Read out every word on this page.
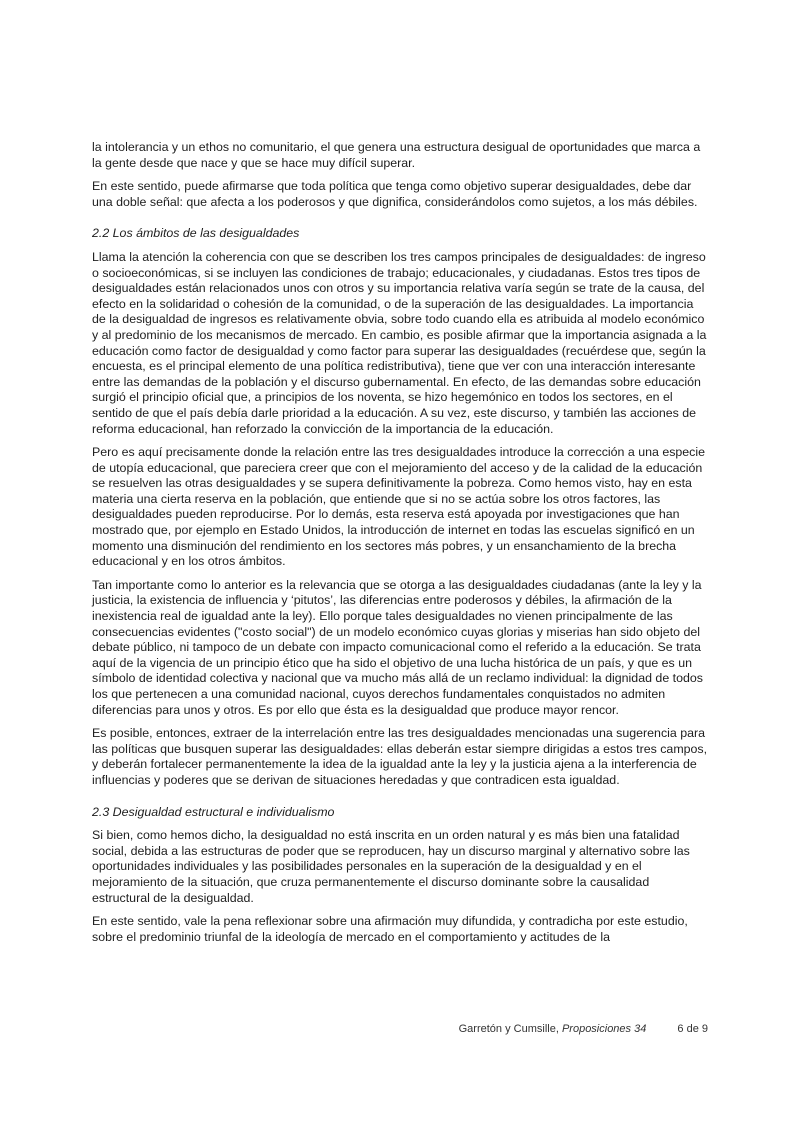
la intolerancia y un ethos no comunitario, el que genera una estructura desigual de oportunidades que marca a la gente desde que nace y que se hace muy difícil superar.

En este sentido, puede afirmarse que toda política que tenga como objetivo superar desigualdades, debe dar una doble señal: que afecta a los poderosos y que dignifica, considerándolos como sujetos, a los más débiles.

2.2 Los ámbitos de las desigualdades

Llama la atención la coherencia con que se describen los tres campos principales de desigualdades: de ingreso o socioeconómicas, si se incluyen las condiciones de trabajo; educacionales, y ciudadanas. Estos tres tipos de desigualdades están relacionados unos con otros y su importancia relativa varía según se trate de la causa, del efecto en la solidaridad o cohesión de la comunidad, o de la superación de las desigualdades. La importancia de la desigualdad de ingresos es relativamente obvia, sobre todo cuando ella es atribuida al modelo económico y al predominio de los mecanismos de mercado. En cambio, es posible afirmar que la importancia asignada a la educación como factor de desigualdad y como factor para superar las desigualdades (recuérdese que, según la encuesta, es el principal elemento de una política redistributiva), tiene que ver con una interacción interesante entre las demandas de la población y el discurso gubernamental. En efecto, de las demandas sobre educación surgió el principio oficial que, a principios de los noventa, se hizo hegemónico en todos los sectores, en el sentido de que el país debía darle prioridad a la educación. A su vez, este discurso, y también las acciones de reforma educacional, han reforzado la convicción de la importancia de la educación.

Pero es aquí precisamente donde la relación entre las tres desigualdades introduce la corrección a una especie de utopía educacional, que pareciera creer que con el mejoramiento del acceso y de la calidad de la educación se resuelven las otras desigualdades y se supera definitivamente la pobreza. Como hemos visto, hay en esta materia una cierta reserva en la población, que entiende que si no se actúa sobre los otros factores, las desigualdades pueden reproducirse. Por lo demás, esta reserva está apoyada por investigaciones que han mostrado que, por ejemplo en Estado Unidos, la introducción de internet en todas las escuelas significó en un momento una disminución del rendimiento en los sectores más pobres, y un ensanchamiento de la brecha educacional y en los otros ámbitos.

Tan importante como lo anterior es la relevancia que se otorga a las desigualdades ciudadanas (ante la ley y la justicia, la existencia de influencia y ‘pitutos’, las diferencias entre poderosos y débiles, la afirmación de la inexistencia real de igualdad ante la ley). Ello porque tales desigualdades no vienen principalmente de las consecuencias evidentes ("costo social") de un modelo económico cuyas glorias y miserias han sido objeto del debate público, ni tampoco de un debate con impacto comunicacional como el referido a la educación. Se trata aquí de la vigencia de un principio ético que ha sido el objetivo de una lucha histórica de un país, y que es un símbolo de identidad colectiva y nacional que va mucho más allá de un reclamo individual: la dignidad de todos los que pertenecen a una comunidad nacional, cuyos derechos fundamentales conquistados no admiten diferencias para unos y otros. Es por ello que ésta es la desigualdad que produce mayor rencor.

Es posible, entonces, extraer de la interrelación entre las tres desigualdades mencionadas una sugerencia para las políticas que busquen superar las desigualdades: ellas deberán estar siempre dirigidas a estos tres campos, y deberán fortalecer permanentemente la idea de la igualdad ante la ley y la justicia ajena a la interferencia de influencias y poderes que se derivan de situaciones heredadas y que contradicen esta igualdad.

2.3 Desigualdad estructural e individualismo

Si bien, como hemos dicho, la desigualdad no está inscrita en un orden natural y es más bien una fatalidad social, debida a las estructuras de poder que se reproducen, hay un discurso marginal y alternativo sobre las oportunidades individuales y las posibilidades personales en la superación de la desigualdad y en el mejoramiento de la situación, que cruza permanentemente el discurso dominante sobre la causalidad estructural de la desigualdad.

En este sentido, vale la pena reflexionar sobre una afirmación muy difundida, y contradicha por este estudio, sobre el predominio triunfal de la ideología de mercado en el comportamiento y actitudes de la

Garretón y Cumsille, Proposiciones 34	6 de 9
